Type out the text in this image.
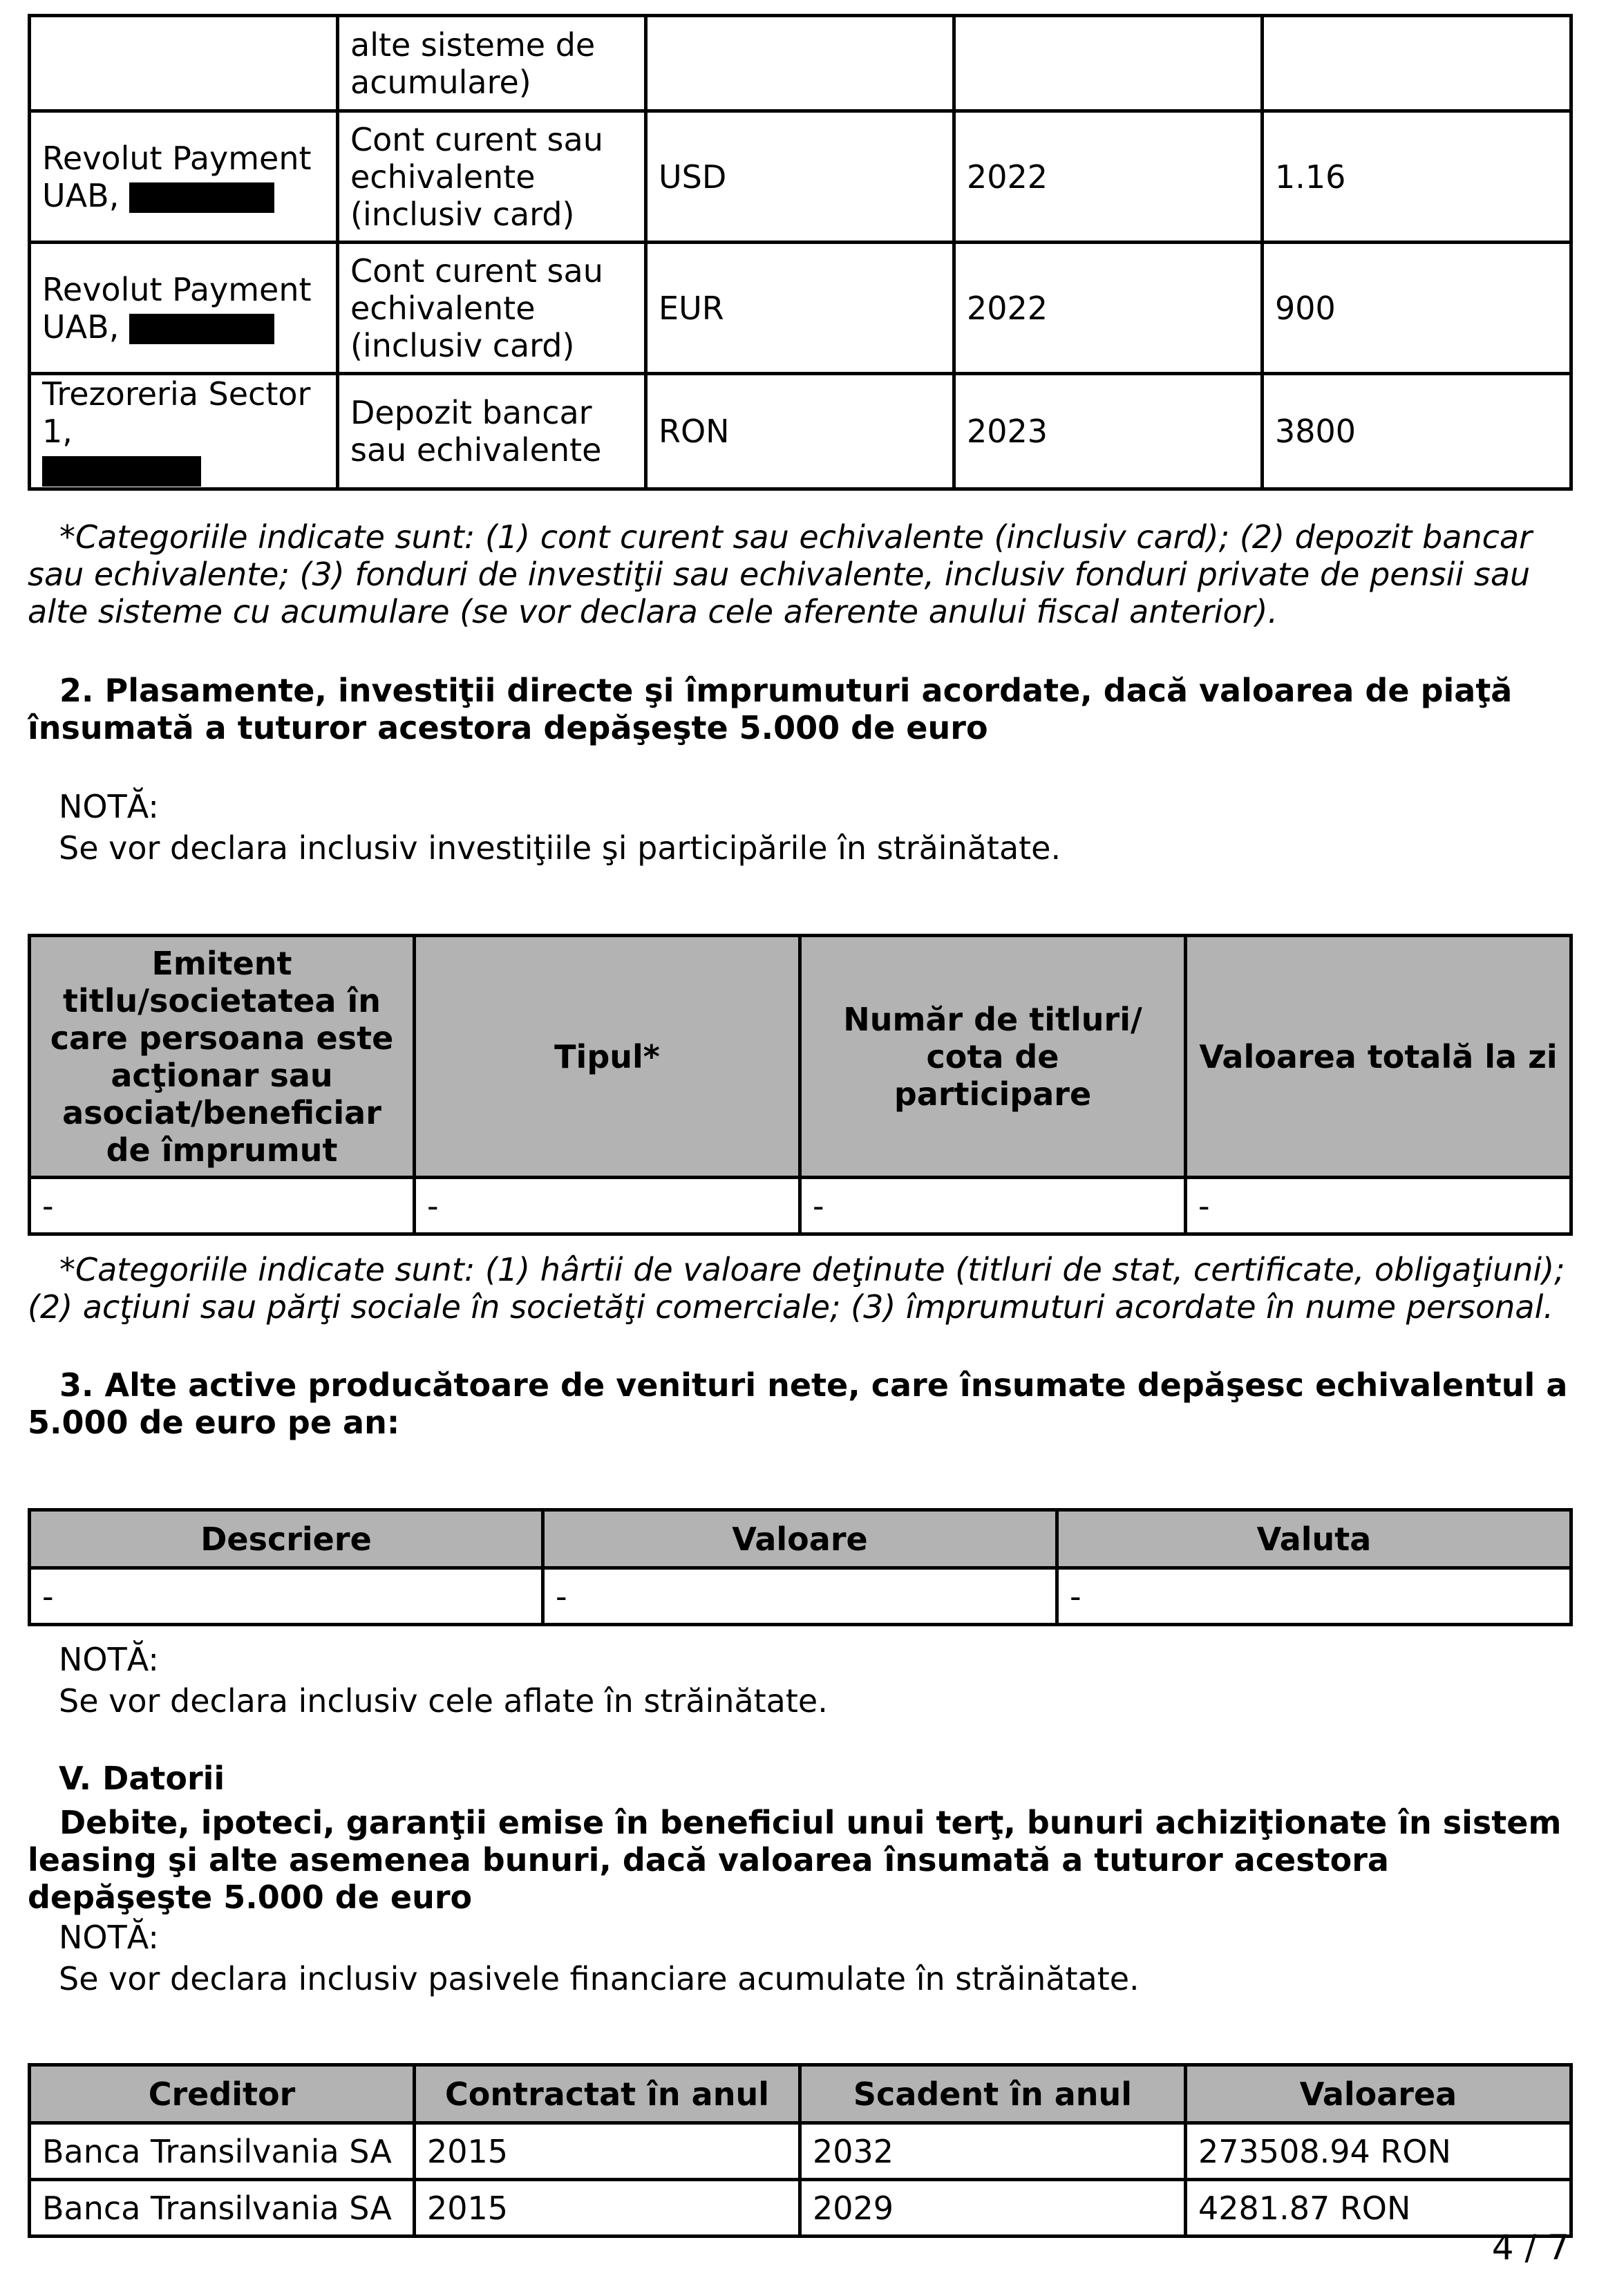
	alte sisteme de acumulare)			
Revolut Payment UAB,	Cont curent sau echivalente (inclusiv card)	USD	2022	1.16
Revolut Payment UAB,	Cont curent sau echivalente (inclusiv card)	EUR	2022	900
Trezoreria Sector 1,	Depozit bancar sau echivalente	RON	2023	3800

*Categoriile indicate sunt: (1) cont curent sau echivalente (inclusiv card); (2) depozit bancar sau echivalente; (3) fonduri de investiţii sau echivalente, inclusiv fonduri private de pensii sau alte sisteme cu acumulare (se vor declara cele aferente anului fiscal anterior).

2. Plasamente, investiţii directe şi împrumuturi acordate, dacă valoarea de piaţă însumată a tuturor acestora depăşeşte 5.000 de euro

NOTĂ:

Se vor declara inclusiv investiţiile şi participările în străinătate.

Emitent titlu/societatea în care persoana este acţionar sau asociat/beneficiar de împrumut	Tipul*	Număr de titluri/ cota de participare	Valoarea totală la zi
-	-	-	-

*Categoriile indicate sunt: (1) hârtii de valoare deţinute (titluri de stat, certificate, obligaţiuni); (2) acţiuni sau părţi sociale în societăţi comerciale; (3) împrumuturi acordate în nume personal.

3. Alte active producătoare de venituri nete, care însumate depăşesc echivalentul a 5.000 de euro pe an:

Descriere	Valoare	Valuta
-	-	-

NOTĂ:

Se vor declara inclusiv cele aflate în străinătate.

V. Datorii

Debite, ipoteci, garanţii emise în beneficiul unui terţ, bunuri achiziţionate în sistem leasing şi alte asemenea bunuri, dacă valoarea însumată a tuturor acestora depăşeşte 5.000 de euro

NOTĂ:

Se vor declara inclusiv pasivele financiare acumulate în străinătate.

Creditor	Contractat în anul	Scadent în anul	Valoarea
Banca Transilvania SA	2015	2032	273508.94 RON
Banca Transilvania SA	2015	2029	4281.87 RON
4 / 7
